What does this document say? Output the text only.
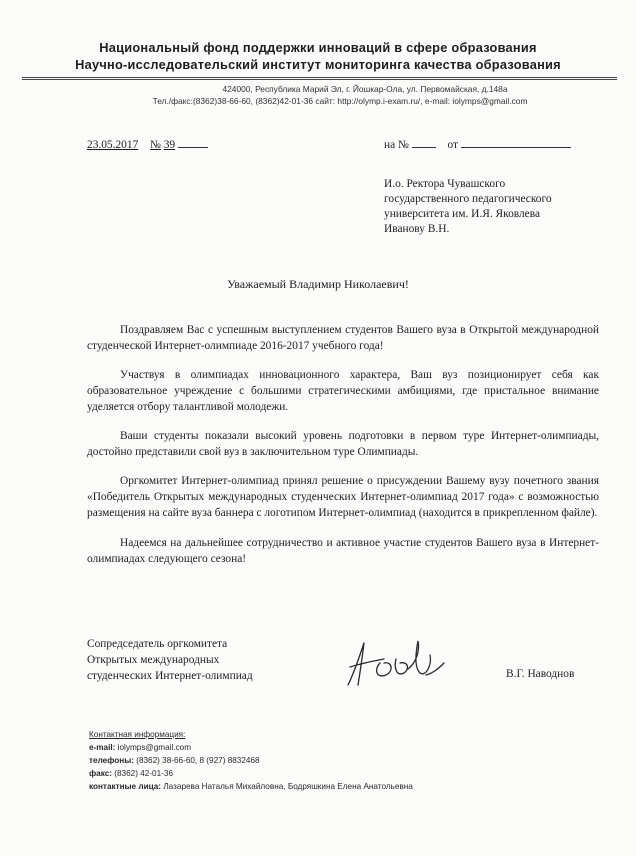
Национальный фонд поддержки инноваций в сфере образования
Научно-исследовательский институт мониторинга качества образования
424000, Республика Марий Эл, г. Йошкар-Ола, ул. Первомайская, д.148а
Тел./факс:(8362)38-66-60, (8362)42-01-36 сайт: http://olymp.i-exam.ru/, e-mail: iolymps@gmail.com
23.05.2017 № 39	на №	от
И.о. Ректора Чувашского
государственного педагогического
университета им. И.Я. Яковлева
Иванову В.Н.
Уважаемый Владимир Николаевич!
Поздравляем Вас с успешным выступлением студентов Вашего вуза в Открытой международной студенческой Интернет-олимпиаде 2016-2017 учебного года!
Участвуя в олимпиадах инновационного характера, Ваш вуз позиционирует себя как образовательное учреждение с большими стратегическими амбициями, где пристальное внимание уделяется отбору талантливой молодежи.
Ваши студенты показали высокий уровень подготовки в первом туре Интернет-олимпиады, достойно представили свой вуз в заключительном туре Олимпиады.
Оргкомитет Интернет-олимпиад принял решение о присуждении Вашему вузу почетного звания «Победитель Открытых международных студенческих Интернет-олимпиад 2017 года» с возможностью размещения на сайте вуза баннера с логотипом Интернет-олимпиад (находится в прикрепленном файле).
Надеемся на дальнейшее сотрудничество и активное участие студентов Вашего вуза в Интернет-олимпиадах следующего сезона!
Сопредседатель оргкомитета
Открытых международных
студенческих Интернет-олимпиад	В.Г. Наводнов
Контактная информация:
e-mail: iolymps@gmail.com
телефоны: (8362) 38-66-60, 8 (927) 8832468
факс: (8362) 42-01-36
контактные лица: Лазарева Наталья Михайловна, Бодряшкина Елена Анатольевна
